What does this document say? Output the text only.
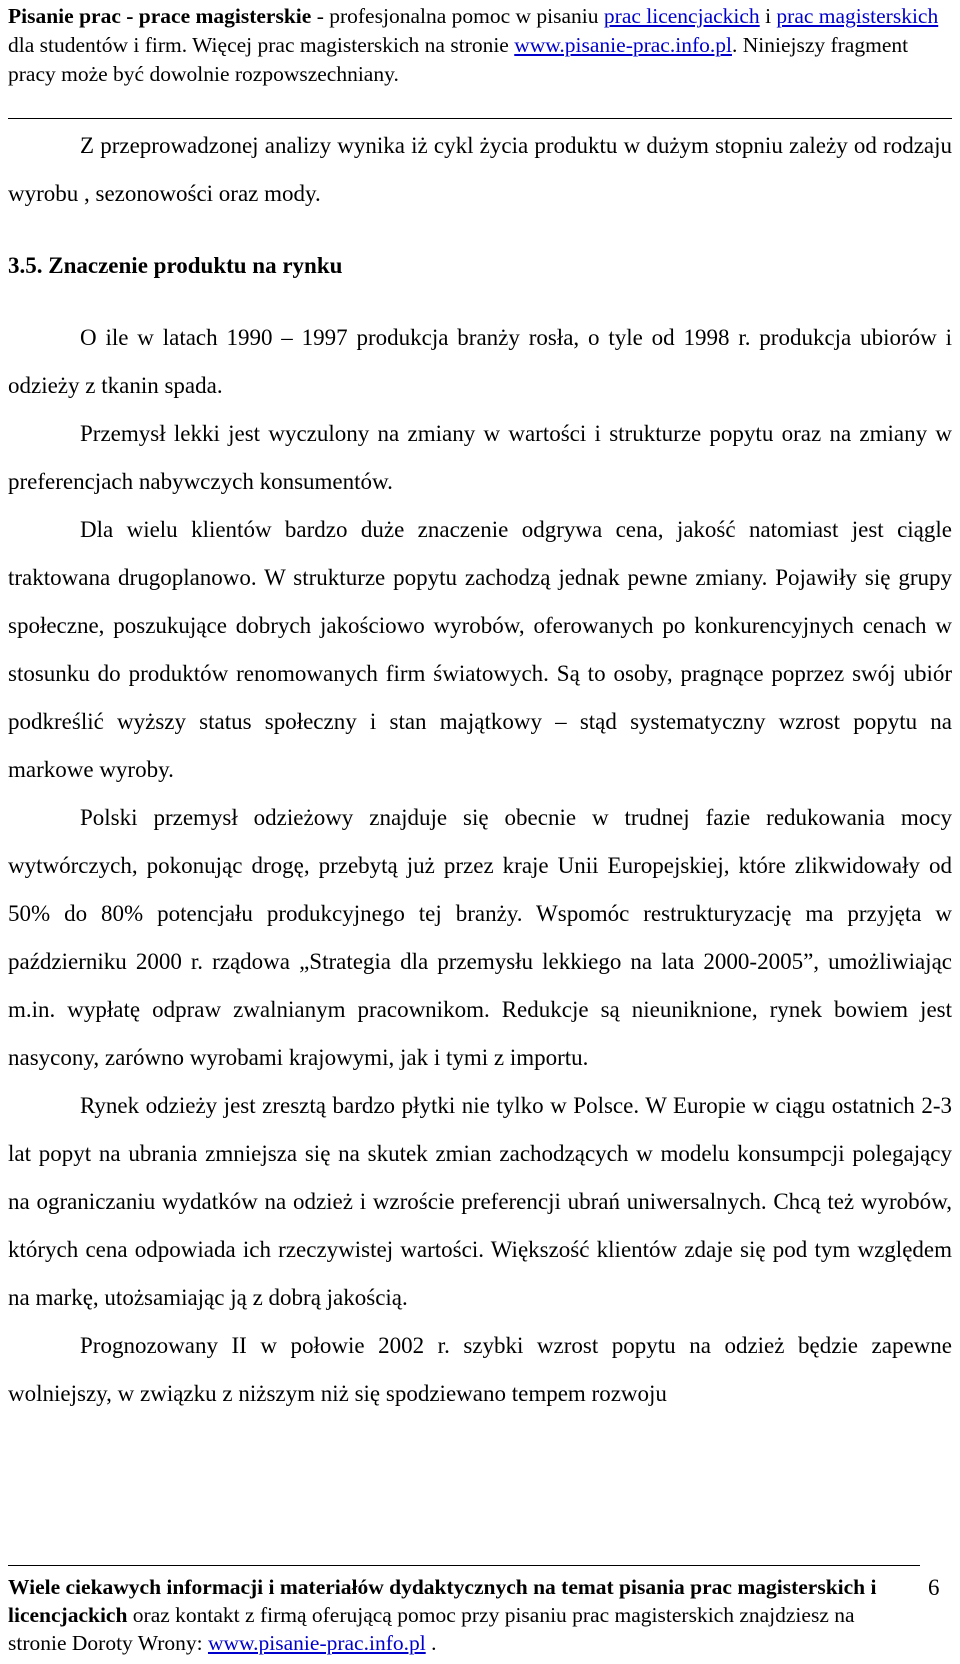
Pisanie prac - prace magisterskie - profesjonalna pomoc w pisaniu prac licencjackich i prac magisterskich dla studentów i firm. Więcej prac magisterskich na stronie www.pisanie-prac.info.pl. Niniejszy fragment pracy może być dowolnie rozpowszechniany.

Z przeprowadzonej analizy wynika iż cykl życia produktu w dużym stopniu zależy od rodzaju wyrobu , sezonowości oraz mody.

3.5. Znaczenie produktu na rynku

O ile w latach 1990 – 1997 produkcja branży rosła, o tyle od 1998 r. produkcja ubiorów i odzieży z tkanin spada.

Przemysł lekki jest wyczulony na zmiany w wartości i strukturze popytu oraz na zmiany w preferencjach nabywczych konsumentów.

Dla wielu klientów bardzo duże znaczenie odgrywa cena, jakość natomiast jest ciągle traktowana drugoplanowo. W strukturze popytu zachodzą jednak pewne zmiany. Pojawiły się grupy społeczne, poszukujące dobrych jakościowo wyrobów, oferowanych po konkurencyjnych cenach w stosunku do produktów renomowanych firm światowych. Są to osoby, pragnące poprzez swój ubiór podkreślić wyższy status społeczny i stan majątkowy – stąd systematyczny wzrost popytu na markowe wyroby.

Polski przemysł odzieżowy znajduje się obecnie w trudnej fazie redukowania mocy wytwórczych, pokonując drogę, przebytą już przez kraje Unii Europejskiej, które zlikwidowały od 50% do 80% potencjału produkcyjnego tej branży. Wspomóc restrukturyzację ma przyjęta w październiku 2000 r. rządowa „Strategia dla przemysłu lekkiego na lata 2000-2005”, umożliwiając m.in. wypłatę odpraw zwalnianym pracownikom. Redukcje są nieuniknione, rynek bowiem jest nasycony, zarówno wyrobami krajowymi, jak i tymi z importu.

Rynek odzieży jest zresztą bardzo płytki nie tylko w Polsce. W Europie w ciągu ostatnich 2-3 lat popyt na ubrania zmniejsza się na skutek zmian zachodzących w modelu konsumpcji polegający na ograniczaniu wydatków na odzież i wzroście preferencji ubrań uniwersalnych. Chcą też wyrobów, których cena odpowiada ich rzeczywistej wartości. Większość klientów zdaje się pod tym względem na markę, utożsamiając ją z dobrą jakością.

Prognozowany II w połowie 2002 r. szybki wzrost popytu na odzież będzie zapewne wolniejszy, w związku z niższym niż się spodziewano tempem rozwoju

Wiele ciekawych informacji i materiałów dydaktycznych na temat pisania prac magisterskich i licencjackich oraz kontakt z firmą oferującą pomoc przy pisaniu prac magisterskich znajdziesz na stronie Doroty Wrony: www.pisanie-prac.info.pl .
6
